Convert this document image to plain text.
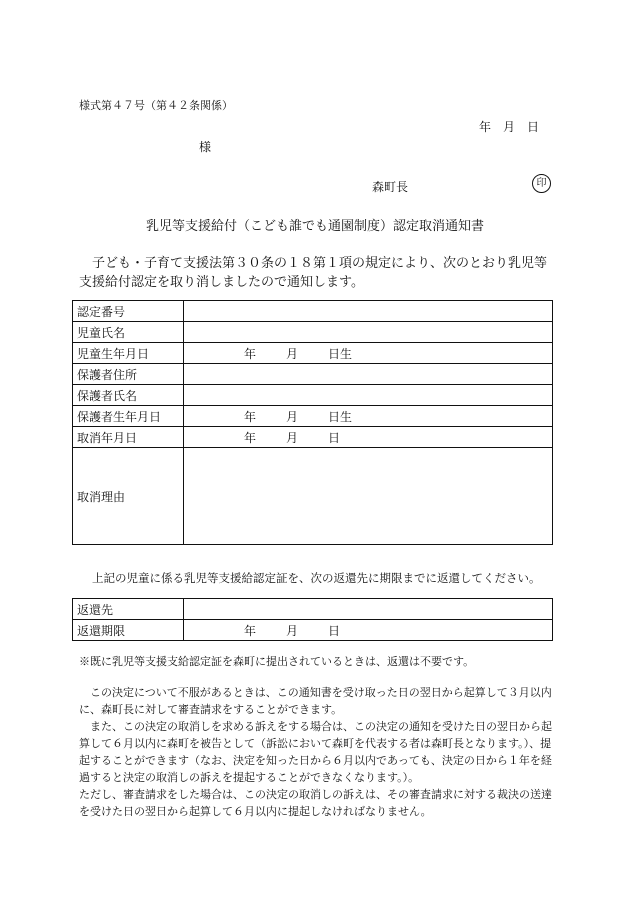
様式第４７号（第４２条関係）
年　月　日
様
森町長	印
乳児等支援給付（こども誰でも通園制度）認定取消通知書
子ども・子育て支援法第３０条の１８第１項の規定により、次のとおり乳児等支援給付認定を取り消しましたので通知します。
認定番号	
児童氏名	
児童生年月日	年 月 日生
保護者住所	
保護者氏名	
保護者生年月日	年 月 日生
取消年月日	年 月 日
取消理由	
上記の児童に係る乳児等支援給認定証を、次の返還先に期限までに返還してください。
返還先	
返還期限	年 月 日
※既に乳児等支援支給認定証を森町に提出されているときは、返還は不要です。

この決定について不服があるときは、この通知書を受け取った日の翌日から起算して３月以内に、森町長に対して審査請求をすることができます。

また、この決定の取消しを求める訴えをする場合は、この決定の通知を受けた日の翌日から起算して６月以内に森町を被告として（訴訟において森町を代表する者は森町長となります。）、提起することができます（なお、決定を知った日から６月以内であっても、決定の日から１年を経過すると決定の取消しの訴えを提起することができなくなります。）。

ただし、審査請求をした場合は、この決定の取消しの訴えは、その審査請求に対する裁決の送達を受けた日の翌日から起算して６月以内に提起しなければなりません。
